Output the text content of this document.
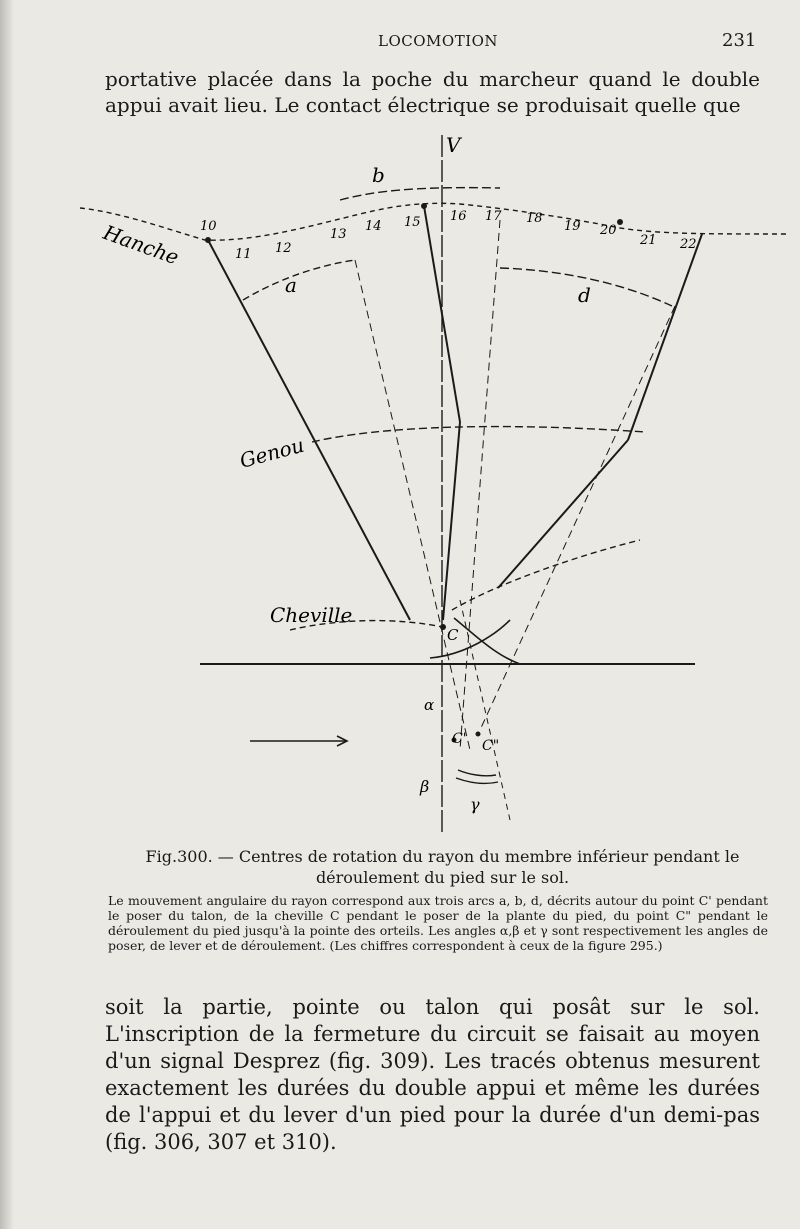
LOCOMOTION	231

portative placée dans la poche du marcheur quand le double appui avait lieu. Le contact électrique se produisait quelle que

V
b
a	d
Hanche
Genou
Cheville
C
C' C"
α
β
γ
10
11 12
13
14 15 16 17 18
19 20
21 22

Fig.300. — Centres de rotation du rayon du membre inférieur pendant le déroulement du pied sur le sol.

Le mouvement angulaire du rayon correspond aux trois arcs a, b, d, décrits autour du point C' pendant le poser du talon, de la cheville C pendant le poser de la plante du pied, du point C" pendant le déroulement du pied jusqu'à la pointe des orteils. Les angles α,β et γ sont respectivement les angles de poser, de lever et de déroulement. (Les chiffres correspondent à ceux de la figure 295.)

soit la partie, pointe ou talon qui posât sur le sol. L'inscription de la fermeture du circuit se faisait au moyen d'un signal Desprez (fig. 309). Les tracés obtenus mesurent exactement les durées du double appui et même les durées de l'appui et du lever d'un pied pour la durée d'un demi-pas (fig. 306, 307 et 310).
